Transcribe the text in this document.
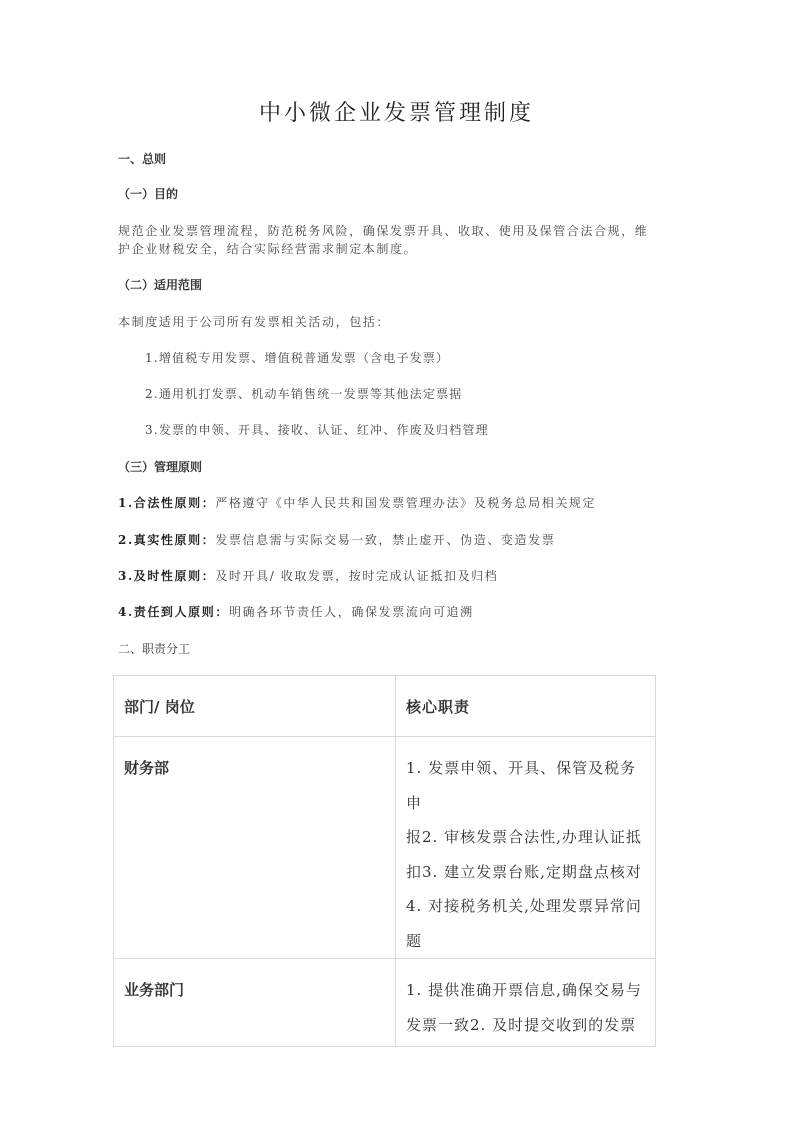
中小微企业发票管理制度
一、总则
（一）目的
规范企业发票管理流程，防范税务风险，确保发票开具、收取、使用及保管合法合规，维
护企业财税安全，结合实际经营需求制定本制度。
（二）适用范围
本制度适用于公司所有发票相关活动，包括：
1.增值税专用发票、增值税普通发票（含电子发票）
2.通用机打发票、机动车销售统一发票等其他法定票据
3.发票的申领、开具、接收、认证、红冲、作废及归档管理
（三）管理原则
1.合法性原则：严格遵守《中华人民共和国发票管理办法》及税务总局相关规定
2.真实性原则：发票信息需与实际交易一致，禁止虚开、伪造、变造发票
3.及时性原则：及时开具/ 收取发票，按时完成认证抵扣及归档
4.责任到人原则：明确各环节责任人，确保发票流向可追溯
二、职责分工
部门/ 岗位	核心职责
财务部	1. 发票申领、开具、保管及税务申
报2. 审核发票合法性,办理认证抵
扣3. 建立发票台账,定期盘点核对
4. 对接税务机关,处理发票异常问
题

业务部门	1. 提供准确开票信息,确保交易与
发票一致2. 及时提交收到的发票
